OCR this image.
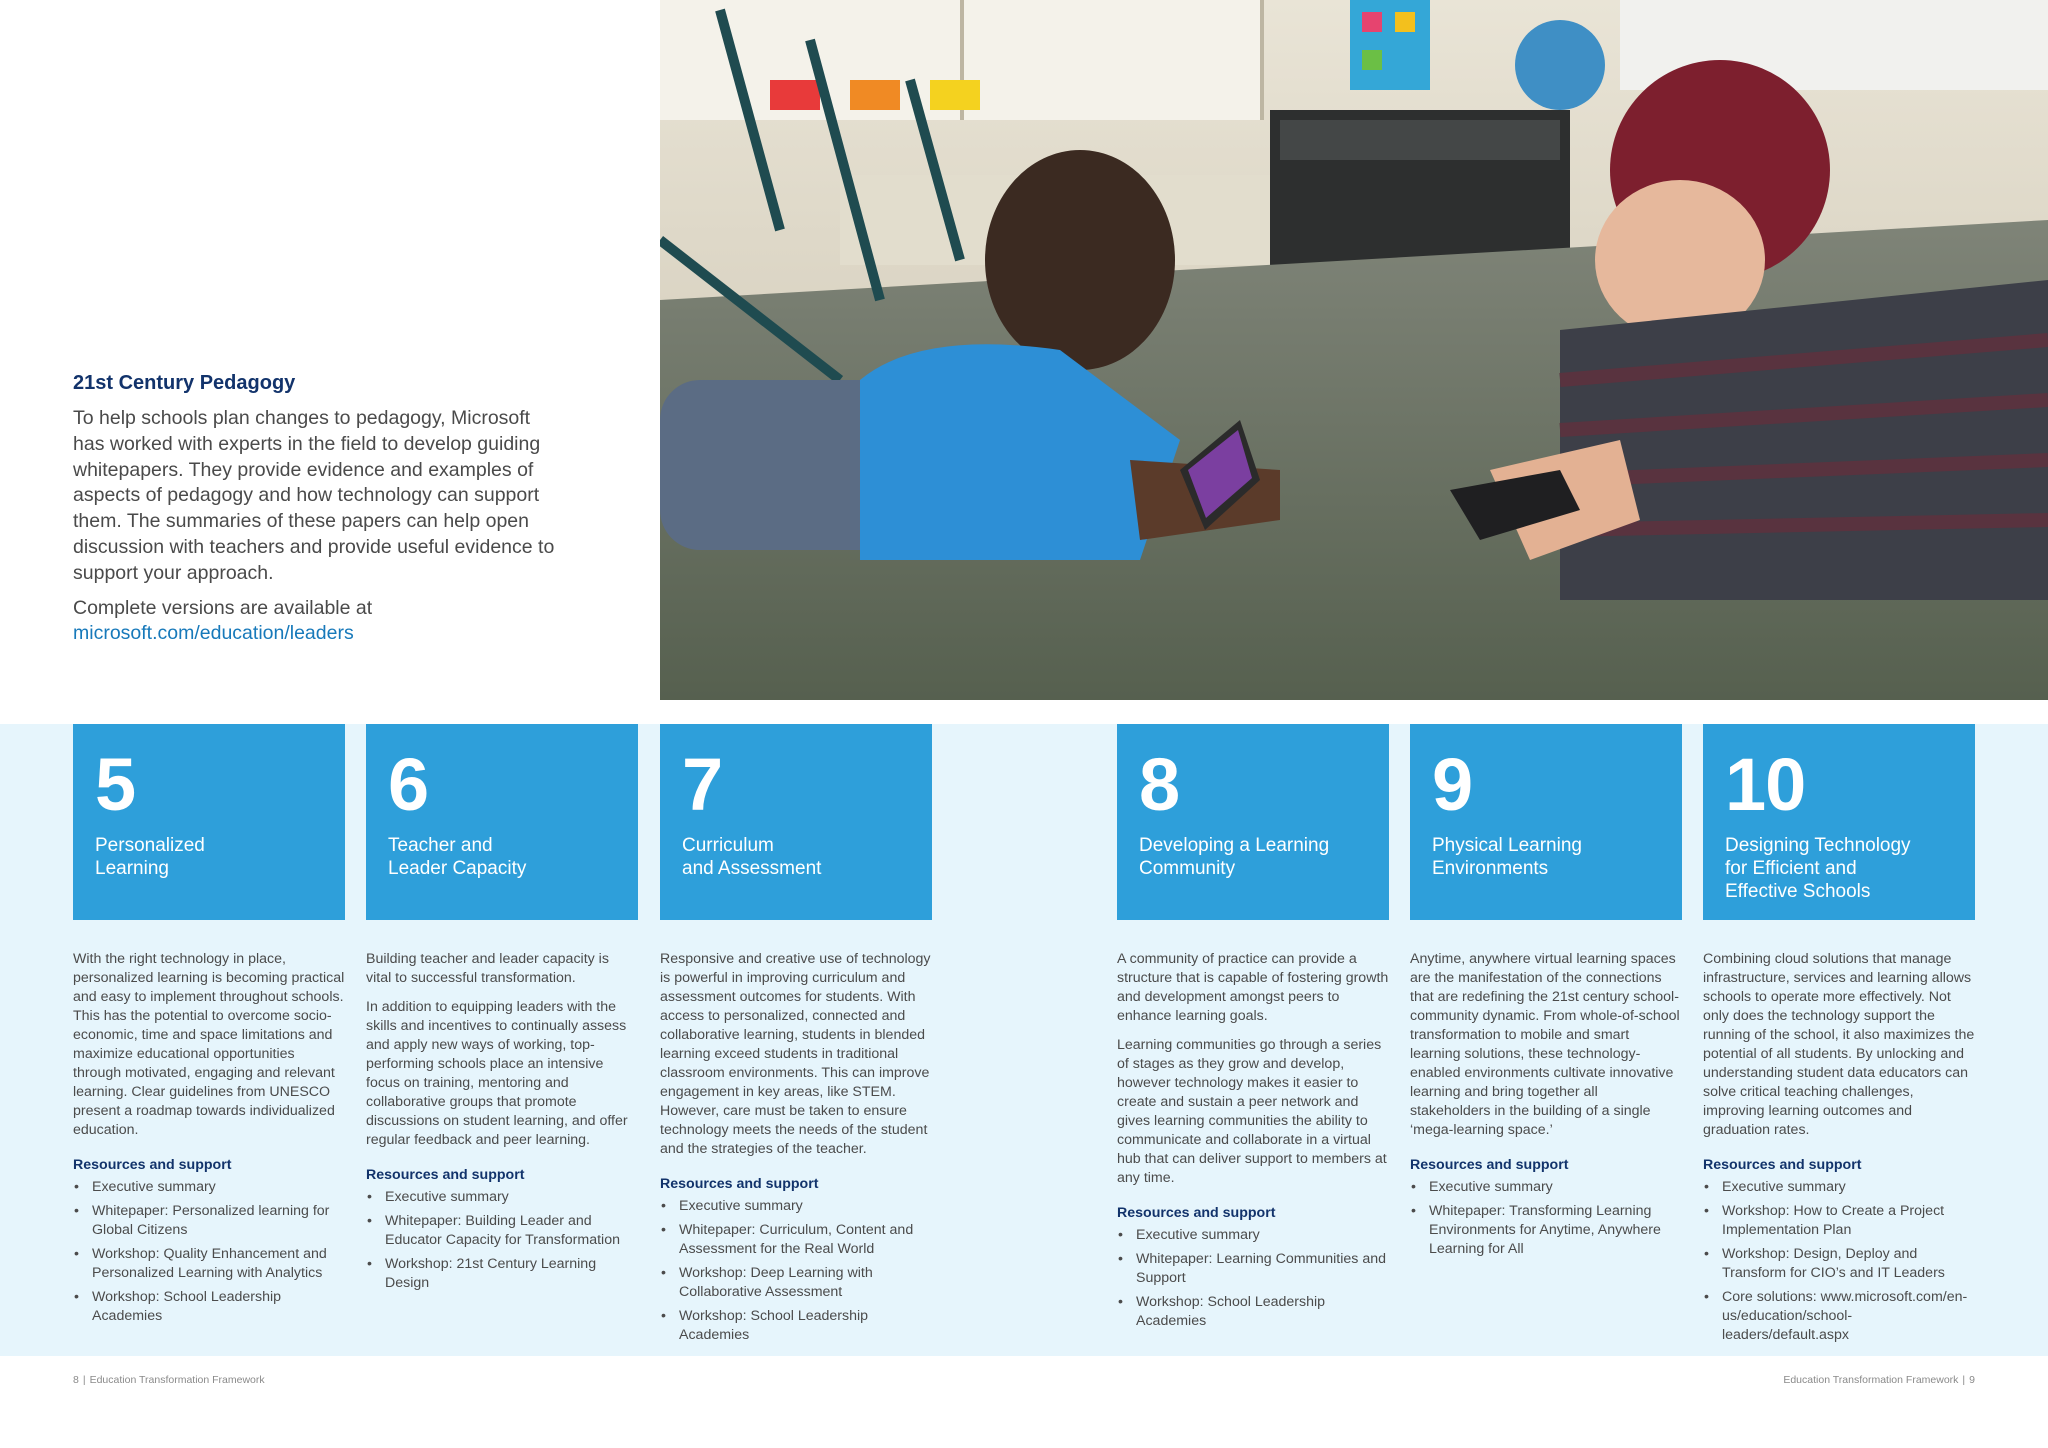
21st Century Pedagogy

To help schools plan changes to pedagogy, Microsoft has worked with experts in the field to develop guiding whitepapers. They provide evidence and examples of aspects of pedagogy and how technology can support them. The summaries of these papers can help open discussion with teachers and provide useful evidence to support your approach.

Complete versions are available at
microsoft.com/education/leaders

5
Personalized
Learning

With the right technology in place, personalized learning is becoming practical and easy to implement throughout schools. This has the potential to overcome socio-economic, time and space limitations and maximize educational opportunities through motivated, engaging and relevant learning. Clear guidelines from UNESCO present a roadmap towards individualized education.

Resources and support
• Executive summary
• Whitepaper: Personalized learning for Global Citizens
• Workshop: Quality Enhancement and Personalized Learning with Analytics
• Workshop: School Leadership Academies
6
Teacher and
Leader Capacity

Building teacher and leader capacity is vital to successful transformation.

In addition to equipping leaders with the skills and incentives to continually assess and apply new ways of working, top-performing schools place an intensive focus on training, mentoring and collaborative groups that promote discussions on student learning, and offer regular feedback and peer learning.

Resources and support
• Executive summary
• Whitepaper: Building Leader and Educator Capacity for Transformation
• Workshop: 21st Century Learning Design
7
Curriculum
and Assessment

Responsive and creative use of technology is powerful in improving curriculum and assessment outcomes for students. With access to personalized, connected and collaborative learning, students in blended learning exceed students in traditional classroom environments. This can improve engagement in key areas, like STEM. However, care must be taken to ensure technology meets the needs of the student and the strategies of the teacher.

Resources and support
• Executive summary
• Whitepaper: Curriculum, Content and Assessment for the Real World
• Workshop: Deep Learning with Collaborative Assessment
• Workshop: School Leadership Academies
8
Developing a Learning
Community

A community of practice can provide a structure that is capable of fostering growth and development amongst peers to enhance learning goals.

Learning communities go through a series of stages as they grow and develop, however technology makes it easier to create and sustain a peer network and gives learning communities the ability to communicate and collaborate in a virtual hub that can deliver support to members at any time.

Resources and support
• Executive summary
• Whitepaper: Learning Communities and Support
• Workshop: School Leadership Academies
9
Physical Learning
Environments

Anytime, anywhere virtual learning spaces are the manifestation of the connections that are redefining the 21st century school-community dynamic. From whole-of-school transformation to mobile and smart learning solutions, these technology-enabled environments cultivate innovative learning and bring together all stakeholders in the building of a single ‘mega-learning space.’

Resources and support
• Executive summary
• Whitepaper: Transforming Learning Environments for Anytime, Anywhere Learning for All
10
Designing Technology
for Efficient and
Effective Schools

Combining cloud solutions that manage infrastructure, services and learning allows schools to operate more effectively. Not only does the technology support the running of the school, it also maximizes the potential of all students. By unlocking and understanding student data educators can solve critical teaching challenges, improving learning outcomes and graduation rates.

Resources and support
• Executive summary
• Workshop: How to Create a Project Implementation Plan
• Workshop: Design, Deploy and Transform for CIO’s and IT Leaders
• Core solutions: www.microsoft.com/en-us/education/school-leaders/default.aspx
8 | Education Transformation Framework	Education Transformation Framework | 9
